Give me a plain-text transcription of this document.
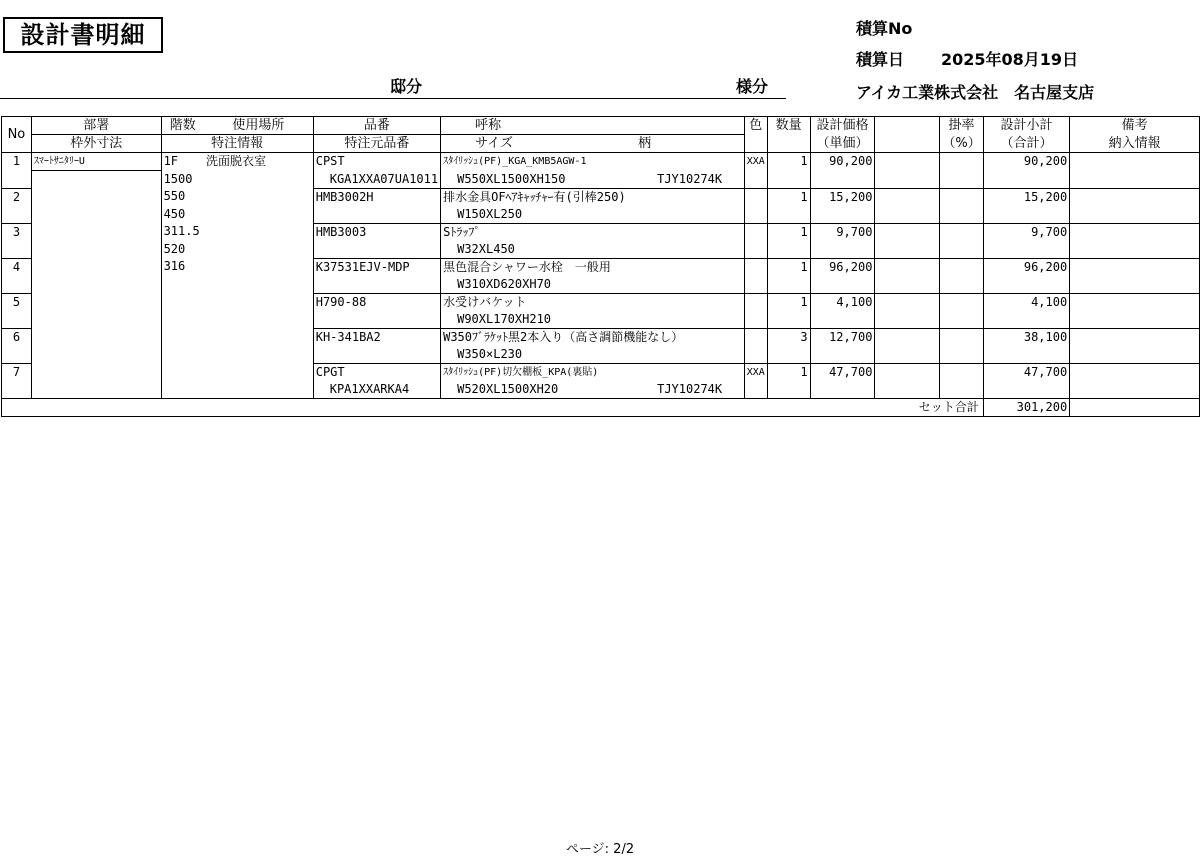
設計書明細	積算No
積算日 2025年08月19日
アイカ工業株式会社　名古屋支店
邸分	様分
No	部署	階数	使用場所	品番	呼称	色	数量	設計価格		掛率	設計小計	備考
	枠外寸法	特注情報		特注元品番	サイズ 柄			（単価）		（%）	（合計）	納入情報
1	ｽﾏｰﾄｻﾆﾀﾘｰU	1F	洗面脱衣室	CPST	ｽﾀｲﾘｯｼｭ(PF)_KGA_KMB5AGW-1	XXA	1	90,200			90,200	
		1500		KGA1XXA07UA1011	W550XL1500XH150 TJY10274K							
2		550		HMB3002H	排水金具OFﾍｱｷｬｯﾁｬｰ有(引棒250)		1	15,200			15,200	
		450			W150XL250							
3		311.5		HMB3003	Sﾄﾗｯﾌﾟ		1	9,700			9,700	
		520			W32XL450							
4		316		K37531EJV-MDP	黒色混合シャワー水栓　一般用		1	96,200			96,200	
					W310XD620XH70							
5				H790-88	水受けバケット		1	4,100			4,100	
					W90XL170XH210							
6				KH-341BA2	W350ﾌﾞﾗｹｯﾄ黒2本入り（高さ調節機能なし）		3	12,700			38,100	
					W350×L230							
7				CPGT	ｽﾀｲﾘｯｼｭ(PF)切欠棚板_KPA(裏貼)	XXA	1	47,700			47,700	
				KPA1XXARKA4	W520XL1500XH20 TJY10274K							
セット合計											301,200	
ページ: 2/2
